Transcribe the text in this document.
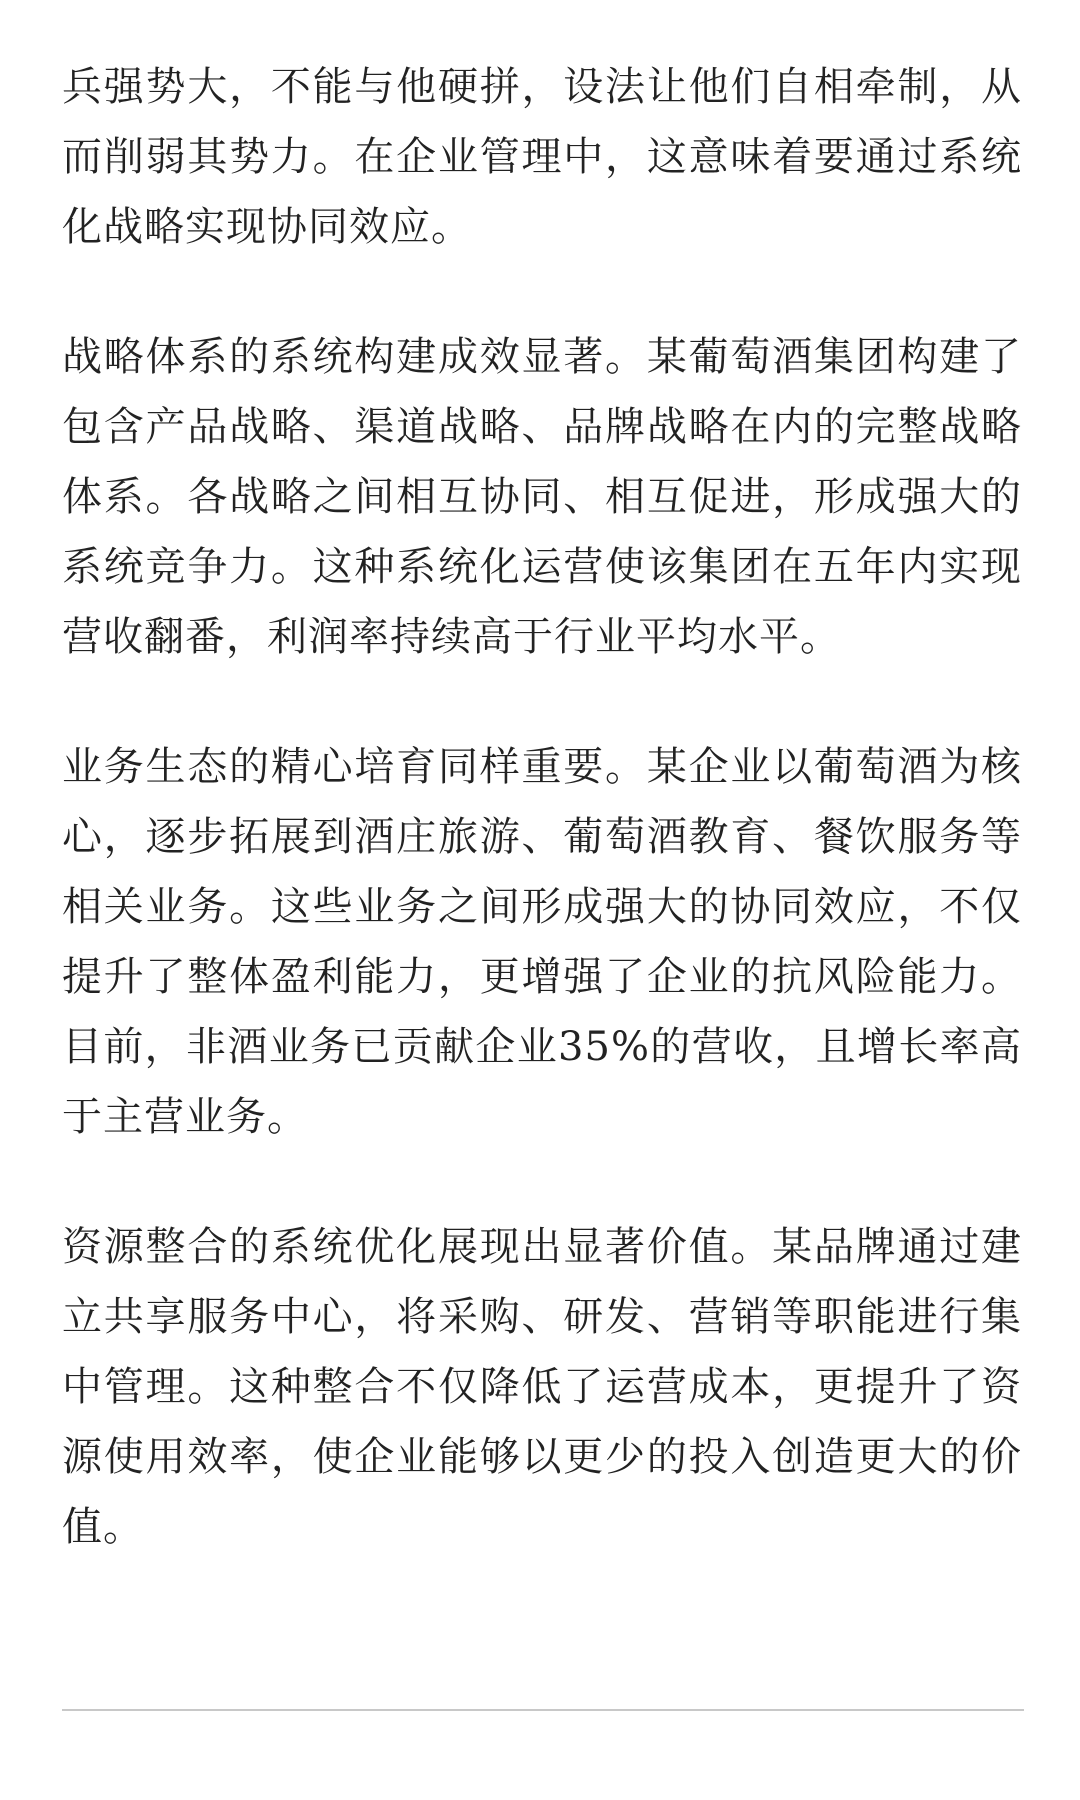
兵强势大，不能与他硬拼，设法让他们自相牵制，从而削弱其势力。在企业管理中，这意味着要通过系统化战略实现协同效应。

战略体系的系统构建成效显著。某葡萄酒集团构建了包含产品战略、渠道战略、品牌战略在内的完整战略体系。各战略之间相互协同、相互促进，形成强大的系统竞争力。这种系统化运营使该集团在五年内实现营收翻番，利润率持续高于行业平均水平。

业务生态的精心培育同样重要。某企业以葡萄酒为核心，逐步拓展到酒庄旅游、葡萄酒教育、餐饮服务等相关业务。这些业务之间形成强大的协同效应，不仅提升了整体盈利能力，更增强了企业的抗风险能力。目前，非酒业务已贡献企业35%的营收，且增长率高于主营业务。

资源整合的系统优化展现出显著价值。某品牌通过建立共享服务中心，将采购、研发、营销等职能进行集中管理。这种整合不仅降低了运营成本，更提升了资源使用效率，使企业能够以更少的投入创造更大的价值。
